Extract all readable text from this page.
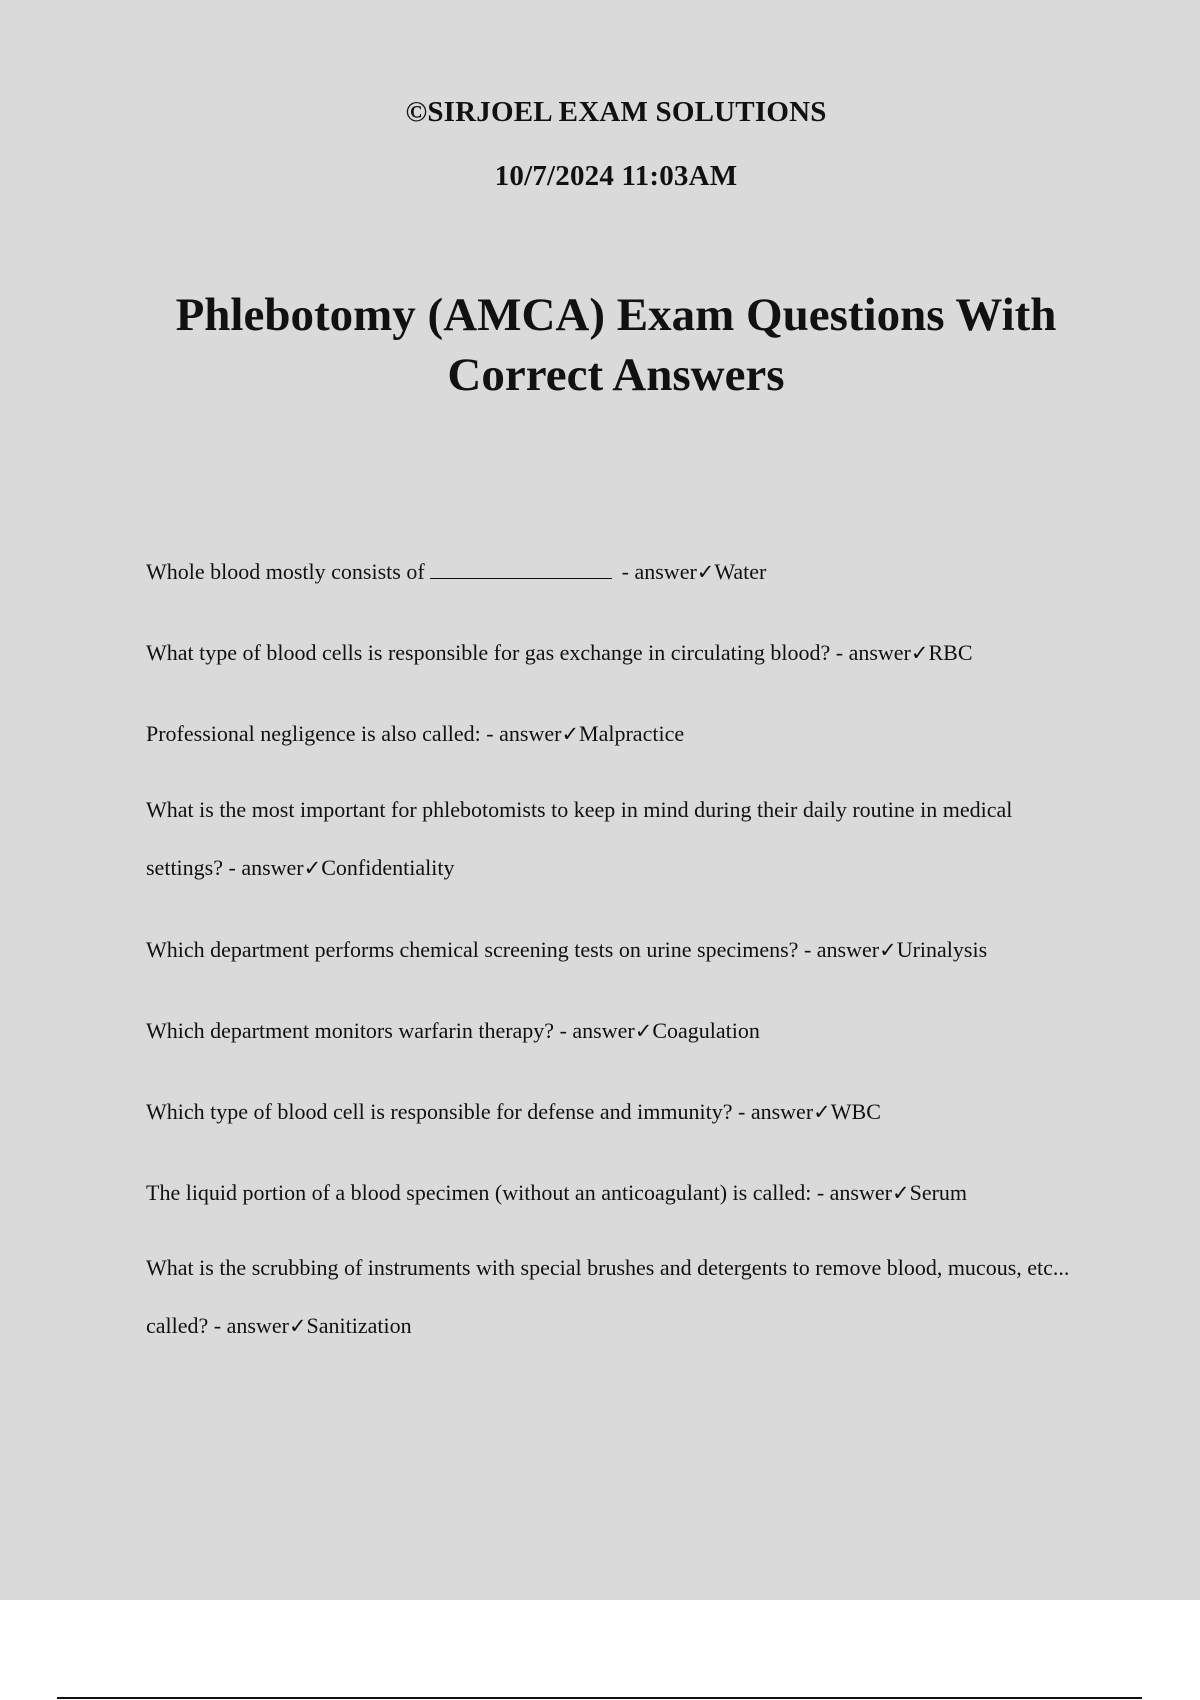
©SIRJOEL EXAM SOLUTIONS
10/7/2024 11:03AM
Phlebotomy (AMCA) Exam Questions With Correct Answers
Whole blood mostly consists of	- answer✓Water
What type of blood cells is responsible for gas exchange in circulating blood? - answer✓RBC
Professional negligence is also called: - answer✓Malpractice
What is the most important for phlebotomists to keep in mind during their daily routine in medical settings? - answer✓Confidentiality
Which department performs chemical screening tests on urine specimens? - answer✓Urinalysis
Which department monitors warfarin therapy? - answer✓Coagulation
Which type of blood cell is responsible for defense and immunity? - answer✓WBC
The liquid portion of a blood specimen (without an anticoagulant) is called: - answer✓Serum
What is the scrubbing of instruments with special brushes and detergents to remove blood, mucous, etc... called? - answer✓Sanitization
